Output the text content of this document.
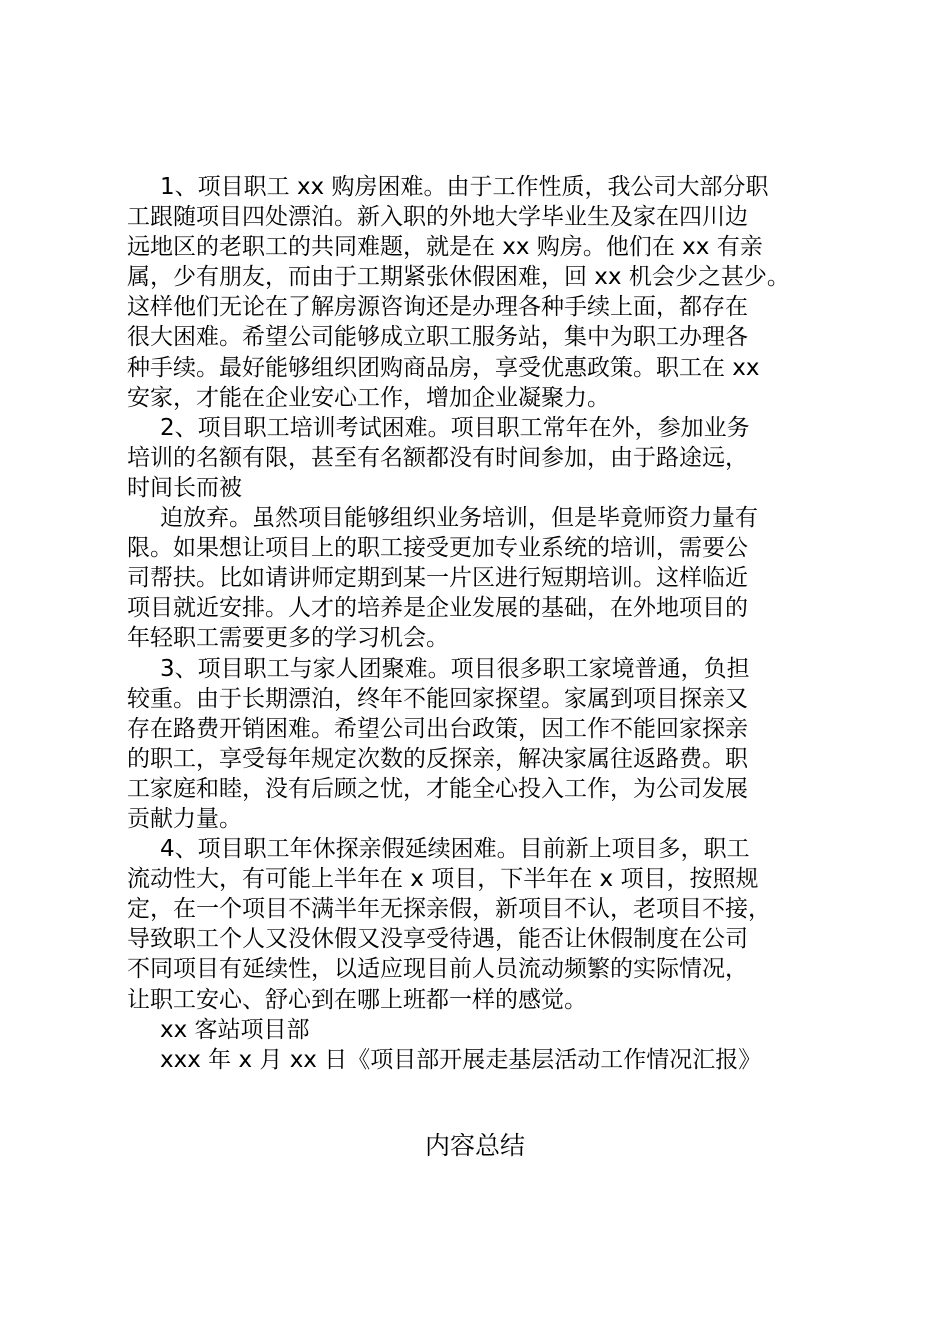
1、项目职工 xx 购房困难。由于工作性质，我公司大部分职
工跟随项目四处漂泊。新入职的外地大学毕业生及家在四川边
远地区的老职工的共同难题，就是在 xx 购房。他们在 xx 有亲
属，少有朋友，而由于工期紧张休假困难，回 xx 机会少之甚少。
这样他们无论在了解房源咨询还是办理各种手续上面，都存在
很大困难。希望公司能够成立职工服务站，集中为职工办理各
种手续。最好能够组织团购商品房，享受优惠政策。职工在 xx
安家，才能在企业安心工作，增加企业凝聚力。
2、项目职工培训考试困难。项目职工常年在外，参加业务
培训的名额有限，甚至有名额都没有时间参加，由于路途远，
时间长而被
迫放弃。虽然项目能够组织业务培训，但是毕竟师资力量有
限。如果想让项目上的职工接受更加专业系统的培训，需要公
司帮扶。比如请讲师定期到某一片区进行短期培训。这样临近
项目就近安排。人才的培养是企业发展的基础，在外地项目的
年轻职工需要更多的学习机会。
3、项目职工与家人团聚难。项目很多职工家境普通，负担
较重。由于长期漂泊，终年不能回家探望。家属到项目探亲又
存在路费开销困难。希望公司出台政策，因工作不能回家探亲
的职工，享受每年规定次数的反探亲，解决家属往返路费。职
工家庭和睦，没有后顾之忧，才能全心投入工作，为公司发展
贡献力量。
4、项目职工年休探亲假延续困难。目前新上项目多，职工
流动性大，有可能上半年在 x 项目，下半年在 x 项目，按照规
定，在一个项目不满半年无探亲假，新项目不认，老项目不接，
导致职工个人又没休假又没享受待遇，能否让休假制度在公司
不同项目有延续性，以适应现目前人员流动频繁的实际情况，
让职工安心、舒心到在哪上班都一样的感觉。
xx 客站项目部
xxx 年 x 月 xx 日《项目部开展走基层活动工作情况汇报》
内容总结
